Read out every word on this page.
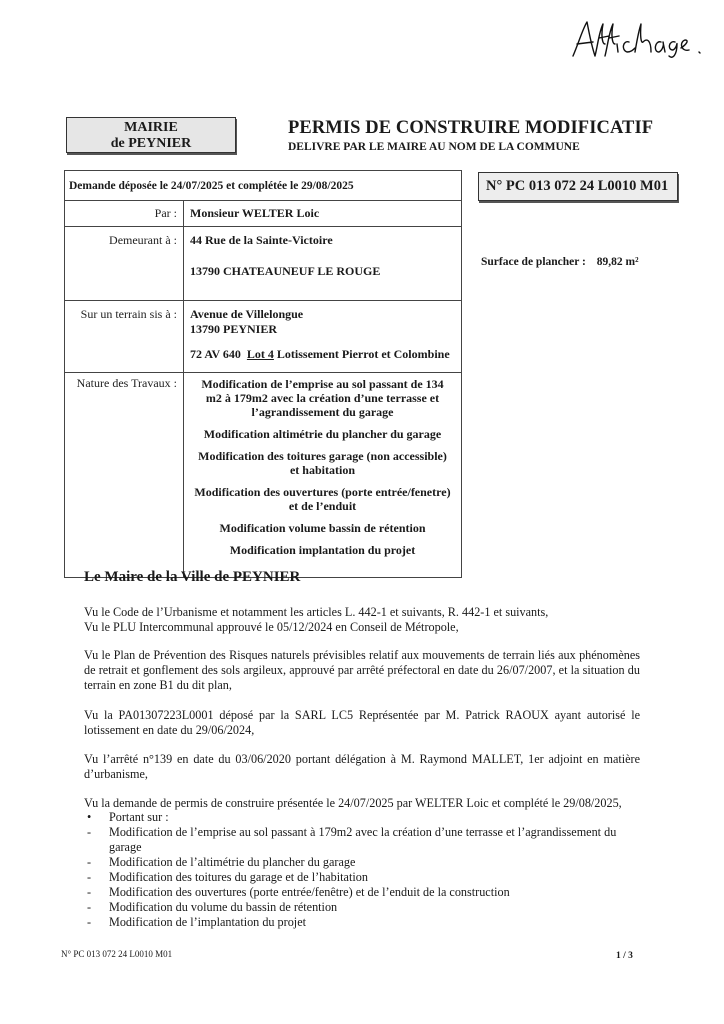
MAIRIE
de PEYNIER
PERMIS DE CONSTRUIRE MODIFICATIF
DELIVRE PAR LE MAIRE AU NOM DE LA COMMUNE
Demande déposée le 24/07/2025 et complétée le 29/08/2025	
Par :	Monsieur WELTER Loic
Demeurant à :	44 Rue de la Sainte-Victoire
13790 CHATEAUNEUF LE ROUGE

Sur un terrain sis à :	Avenue de Villelongue
13790 PEYNIER
72 AV 640 Lot 4 Lotissement Pierrot et Colombine

Nature des Travaux :	Modification de l’emprise au sol passant de 134 m2 à 179m2 avec la création d’une terrasse et l’agrandissement du garage
Modification altimétrie du plancher du garage
Modification des toitures garage (non accessible) et habitation
Modification des ouvertures (porte entrée/fenetre) et de l’enduit
Modification volume bassin de rétention
Modification implantation du projet
N° PC 013 072 24 L0010 M01
Surface de plancher : 89,82 m²
Le Maire de la Ville de PEYNIER
Vu le Code de l’Urbanisme et notamment les articles L. 442-1 et suivants, R. 442-1 et suivants,
Vu le PLU Intercommunal approuvé le 05/12/2024 en Conseil de Métropole,
Vu le Plan de Prévention des Risques naturels prévisibles relatif aux mouvements de terrain liés aux phénomènes de retrait et gonflement des sols argileux, approuvé par arrêté préfectoral en date du 26/07/2007, et la situation du terrain en zone B1 du dit plan,
Vu la PA01307223L0001 déposé par la SARL LC5 Représentée par M. Patrick RAOUX ayant autorisé le lotissement en date du 29/06/2024,
Vu l’arrêté n°139 en date du 03/06/2020 portant délégation à M. Raymond MALLET, 1er adjoint en matière d’urbanisme,
Vu la demande de permis de construire présentée le 24/07/2025 par WELTER Loic et complété le 29/08/2025,
•	Portant sur :
-	Modification de l’emprise au sol passant à 179m2 avec la création d’une terrasse et l’agrandissement du garage
-	Modification de l’altimétrie du plancher du garage
-	Modification des toitures du garage et de l’habitation
-	Modification des ouvertures (porte entrée/fenêtre) et de l’enduit de la construction
-	Modification du volume du bassin de rétention
-	Modification de l’implantation du projet
N° PC 013 072 24 L0010 M01	1 / 3
